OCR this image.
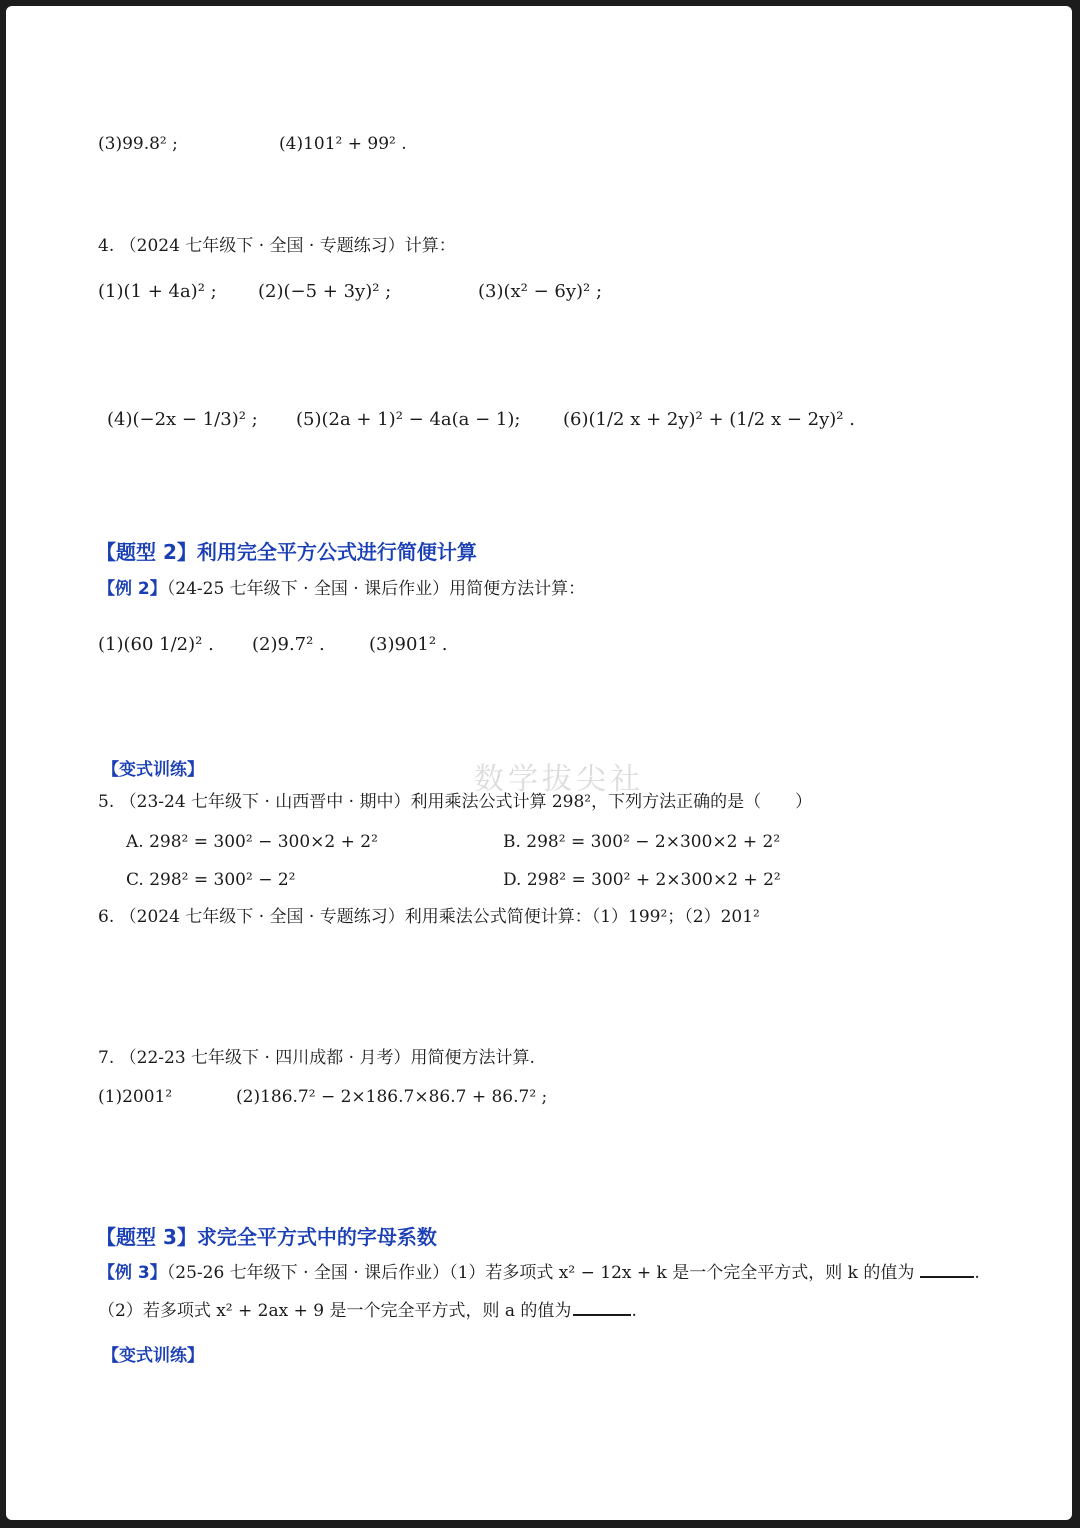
(3)99.8² ;	(4)101² + 99² .
4. （2024 七年级下 · 全国 · 专题练习）计算：
(1)(1 + 4a)² ; (2)(−5 + 3y)² ;	(3)(x² − 6y)² ;
(4)(−2x − 1/3)² ; (5)(2a + 1)² − 4a(a − 1); (6)(1/2 x + 2y)² + (1/2 x − 2y)² .
【题型 2】利用完全平方公式进行简便计算
【例 2】（24-25 七年级下 · 全国 · 课后作业）用简便方法计算：
(1)(60 1/2)² . (2)9.7² . (3)901² .
【变式训练】	数学拔尖社
5. （23-24 七年级下 · 山西晋中 · 期中）利用乘法公式计算 298²，下列方法正确的是（　　）
A. 298² = 300² − 300×2 + 2²	B. 298² = 300² − 2×300×2 + 2²
C. 298² = 300² − 2²	D. 298² = 300² + 2×300×2 + 2²
6. （2024 七年级下 · 全国 · 专题练习）利用乘法公式简便计算：（1）199²；（2）201²
7. （22-23 七年级下 · 四川成都 · 月考）用简便方法计算.
(1)2001²	(2)186.7² − 2×186.7×86.7 + 86.7² ;
【题型 3】求完全平方式中的字母系数
【例 3】（25-26 七年级下 · 全国 · 课后作业）（1）若多项式 x² − 12x + k 是一个完全平方式，则 k 的值为	.
（2）若多项式 x² + 2ax + 9 是一个完全平方式，则 a 的值为	.
【变式训练】
